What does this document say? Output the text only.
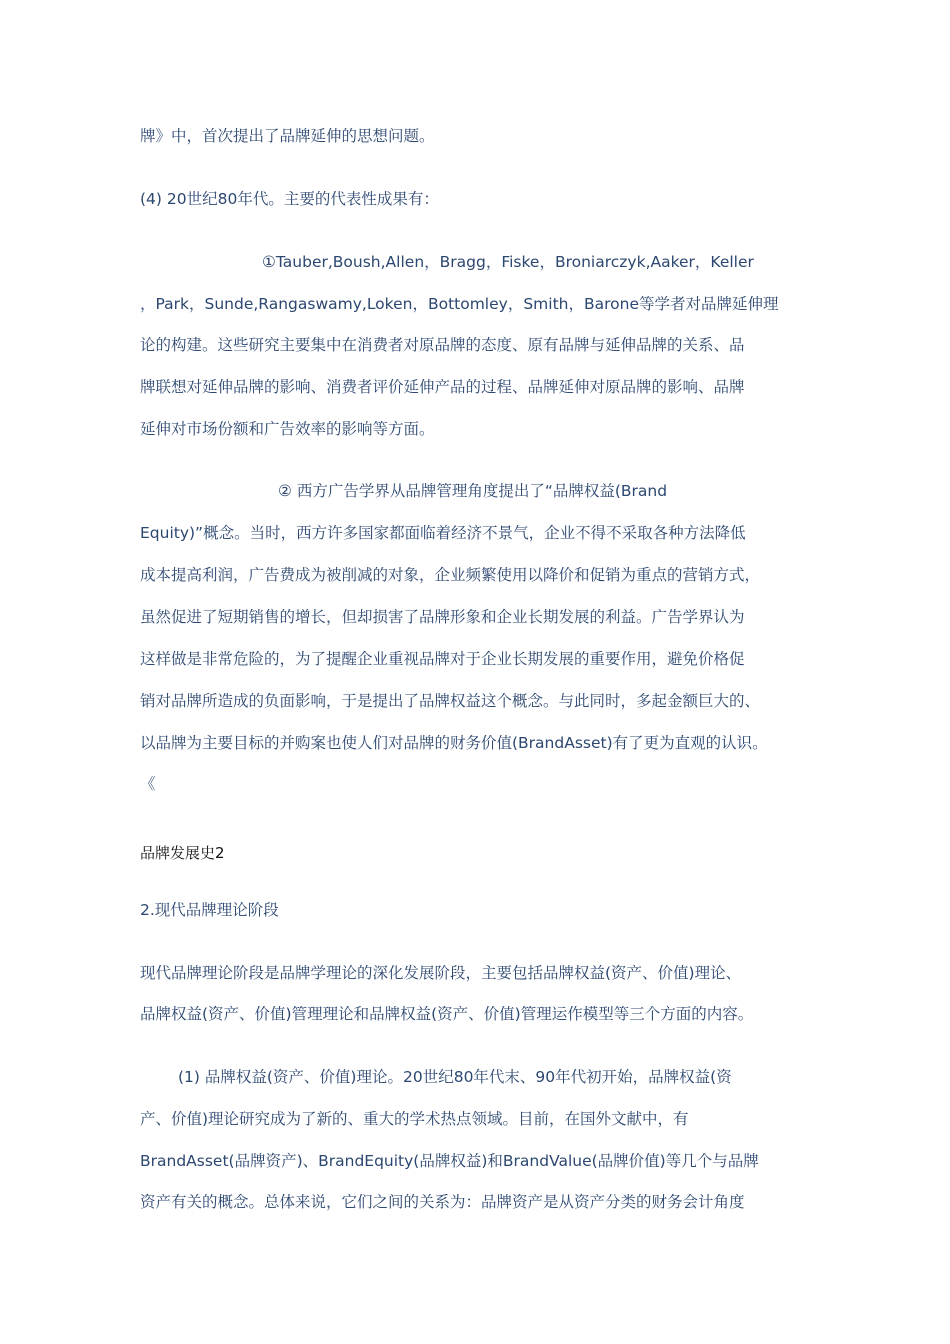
牌》中，首次提出了品牌延伸的思想问题。

(4) 20世纪80年代。主要的代表性成果有：

①Tauber,Boush,Allen，Bragg，Fiske，Broniarczyk,Aaker，Keller

，Park，Sunde,Rangaswamy,Loken，Bottomley，Smith，Barone等学者对品牌延伸理

论的构建。这些研究主要集中在消费者对原品牌的态度、原有品牌与延伸品牌的关系、品

牌联想对延伸品牌的影响、消费者评价延伸产品的过程、品牌延伸对原品牌的影响、品牌

延伸对市场份额和广告效率的影响等方面。

② 西方广告学界从品牌管理角度提出了“品牌权益(Brand

Equity)”概念。当时，西方许多国家都面临着经济不景气，企业不得不采取各种方法降低

成本提高利润，广告费成为被削减的对象，企业频繁使用以降价和促销为重点的营销方式，

虽然促进了短期销售的增长，但却损害了品牌形象和企业长期发展的利益。广告学界认为

这样做是非常危险的，为了提醒企业重视品牌对于企业长期发展的重要作用，避免价格促

销对品牌所造成的负面影响，于是提出了品牌权益这个概念。与此同时，多起金额巨大的、

以品牌为主要目标的并购案也使人们对品牌的财务价值(BrandAsset)有了更为直观的认识。

《

品牌发展史2

2.现代品牌理论阶段

现代品牌理论阶段是品牌学理论的深化发展阶段，主要包括品牌权益(资产、价值)理论、

品牌权益(资产、价值)管理理论和品牌权益(资产、价值)管理运作模型等三个方面的内容。

(1) 品牌权益(资产、价值)理论。20世纪80年代末、90年代初开始，品牌权益(资

产、价值)理论研究成为了新的、重大的学术热点领域。目前，在国外文献中，有

BrandAsset(品牌资产)、BrandEquity(品牌权益)和BrandValue(品牌价值)等几个与品牌

资产有关的概念。总体来说，它们之间的关系为：品牌资产是从资产分类的财务会计角度
